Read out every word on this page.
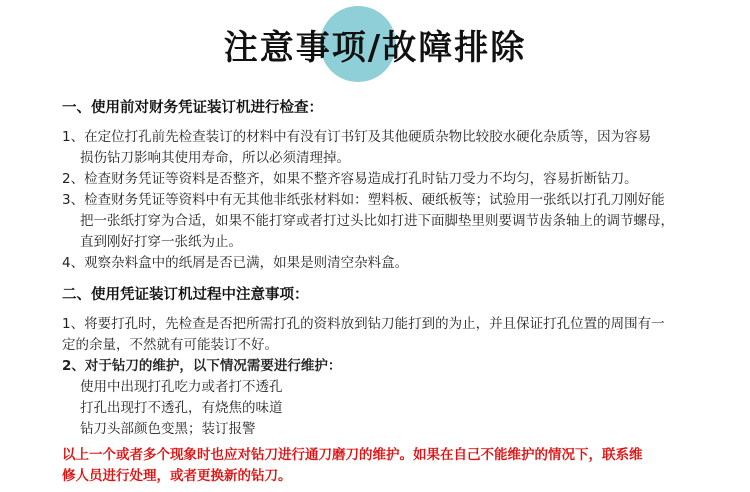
注意事项/故障排除
一、使用前对财务凭证装订机进行检查：
1、在定位打孔前先检查装订的材料中有没有订书钉及其他硬质杂物比较胶水硬化杂质等，因为容易
损伤钻刀影响其使用寿命，所以必须清理掉。
2、检查财务凭证等资料是否整齐，如果不整齐容易造成打孔时钻刀受力不均匀，容易折断钻刀。
3、检查财务凭证等资料中有无其他非纸张材料如：塑料板、硬纸板等；试验用一张纸以打孔刀刚好能
把一张纸打穿为合适，如果不能打穿或者打过头比如打进下面脚垫里则要调节齿条轴上的调节螺母，
直到刚好打穿一张纸为止。
4、观察杂料盒中的纸屑是否已满，如果是则清空杂料盒。
二、使用凭证装订机过程中注意事项：
1、将要打孔时，先检查是否把所需打孔的资料放到钻刀能打到的为止，并且保证打孔位置的周围有一
定的余量，不然就有可能装订不好。
2、对于钻刀的维护，以下情况需要进行维护：
使用中出现打孔吃力或者打不透孔
打孔出现打不透孔，有烧焦的味道
钻刀头部颜色变黑；装订报警
以上一个或者多个现象时也应对钻刀进行通刀磨刀的维护。如果在自己不能维护的情况下，联系维
修人员进行处理，或者更换新的钻刀。
